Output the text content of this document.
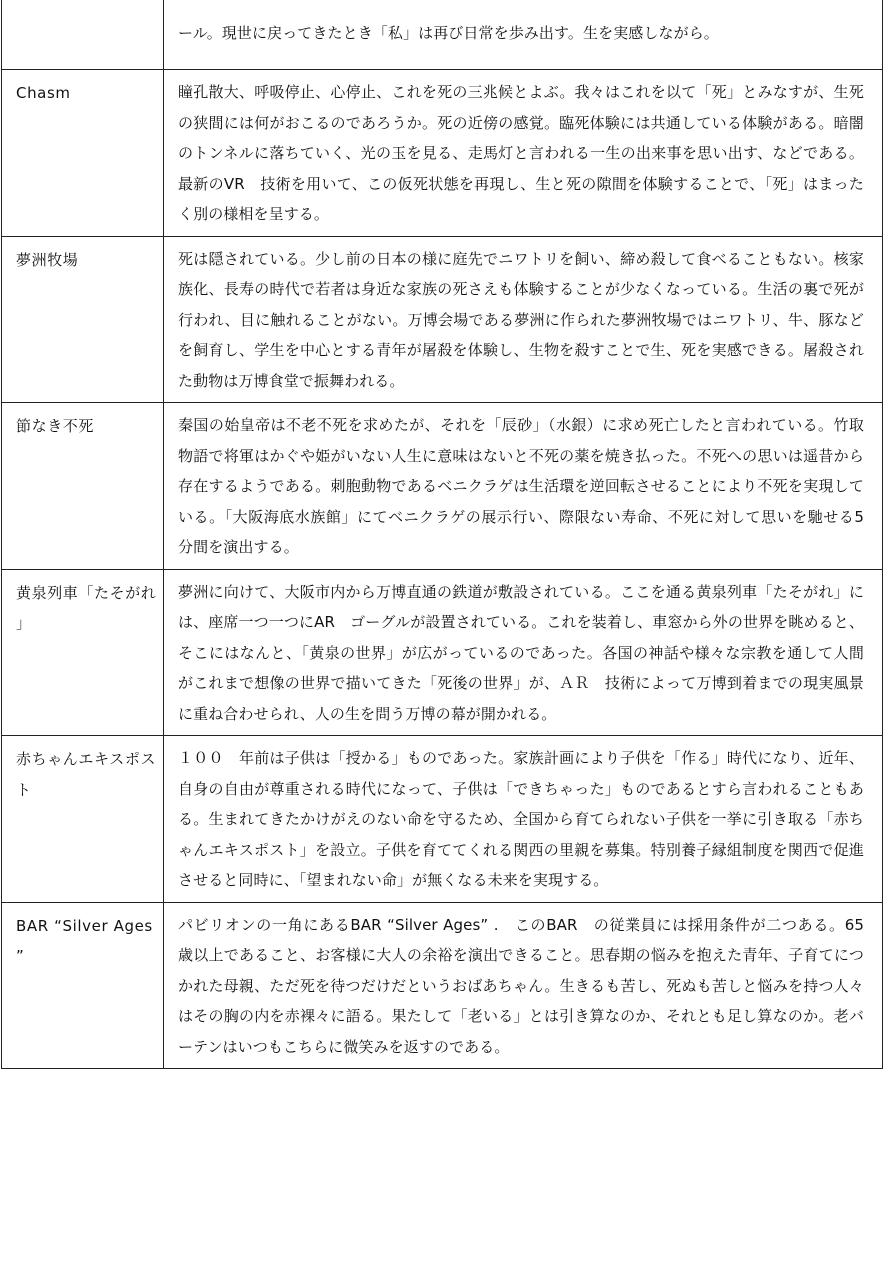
	ール。現世に戻ってきたとき「私」は再び日常を歩み出す。生を実感しながら。

Chasm	瞳孔散大、呼吸停止、心停止、これを死の三兆候とよぶ。我々はこれを以て「死」とみなすが、生死の狭間には何がおこるのであろうか。死の近傍の感覚。臨死体験には共通している体験がある。暗闇のトンネルに落ちていく、光の玉を見る、走馬灯と言われる一生の出来事を思い出す、などである。最新のVR　技術を用いて、この仮死状態を再現し、生と死の隙間を体験することで、「死」はまったく別の様相を呈する。

夢洲牧場	死は隠されている。少し前の日本の様に庭先でニワトリを飼い、締め殺して食べることもない。核家族化、長寿の時代で若者は身近な家族の死さえも体験することが少なくなっている。生活の裏で死が行われ、目に触れることがない。万博会場である夢洲に作られた夢洲牧場ではニワトリ、牛、豚などを飼育し、学生を中心とする青年が屠殺を体験し、生物を殺すことで生、死を実感できる。屠殺された動物は万博食堂で振舞われる。

節なき不死	秦国の始皇帝は不老不死を求めたが、それを「辰砂」（水銀）に求め死亡したと言われている。竹取物語で将軍はかぐや姫がいない人生に意味はないと不死の薬を焼き払った。不死への思いは遥昔から存在するようである。刺胞動物であるベニクラゲは生活環を逆回転させることにより不死を実現している。「大阪海底水族館」にてベニクラゲの展示行い、際限ない寿命、不死に対して思いを馳せる5　分間を演出する。

黄泉列車「たそがれ」	夢洲に向けて、大阪市内から万博直通の鉄道が敷設されている。ここを通る黄泉列車「たそがれ」には、座席一つ一つにAR　ゴーグルが設置されている。これを装着し、車窓から外の世界を眺めると、そこにはなんと、「黄泉の世界」が広がっているのであった。各国の神話や様々な宗教を通して人間がこれまで想像の世界で描いてきた「死後の世界」が、ＡＲ　技術によって万博到着までの現実風景に重ね合わせられ、人の生を問う万博の幕が開かれる。

赤ちゃんエキスポスト	１００　年前は子供は「授かる」ものであった。家族計画により子供を「作る」時代になり、近年、自身の自由が尊重される時代になって、子供は「できちゃった」ものであるとすら言われることもある。生まれてきたかけがえのない命を守るため、全国から育てられない子供を一挙に引き取る「赤ちゃんエキスポスト」を設立。子供を育ててくれる関西の里親を募集。特別養子縁組制度を関西で促進させると同時に、「望まれない命」が無くなる未来を実現する。

BAR “Silver Ages”	パビリオンの一角にあるBAR “Silver Ages” .　このBAR　の従業員には採用条件が二つある。65　歳以上であること、お客様に大人の余裕を演出できること。思春期の悩みを抱えた青年、子育てにつかれた母親、ただ死を待つだけだというおばあちゃん。生きるも苦し、死ぬも苦しと悩みを持つ人々はその胸の内を赤裸々に語る。果たして「老いる」とは引き算なのか、それとも足し算なのか。老バーテンはいつもこちらに微笑みを返すのである。
